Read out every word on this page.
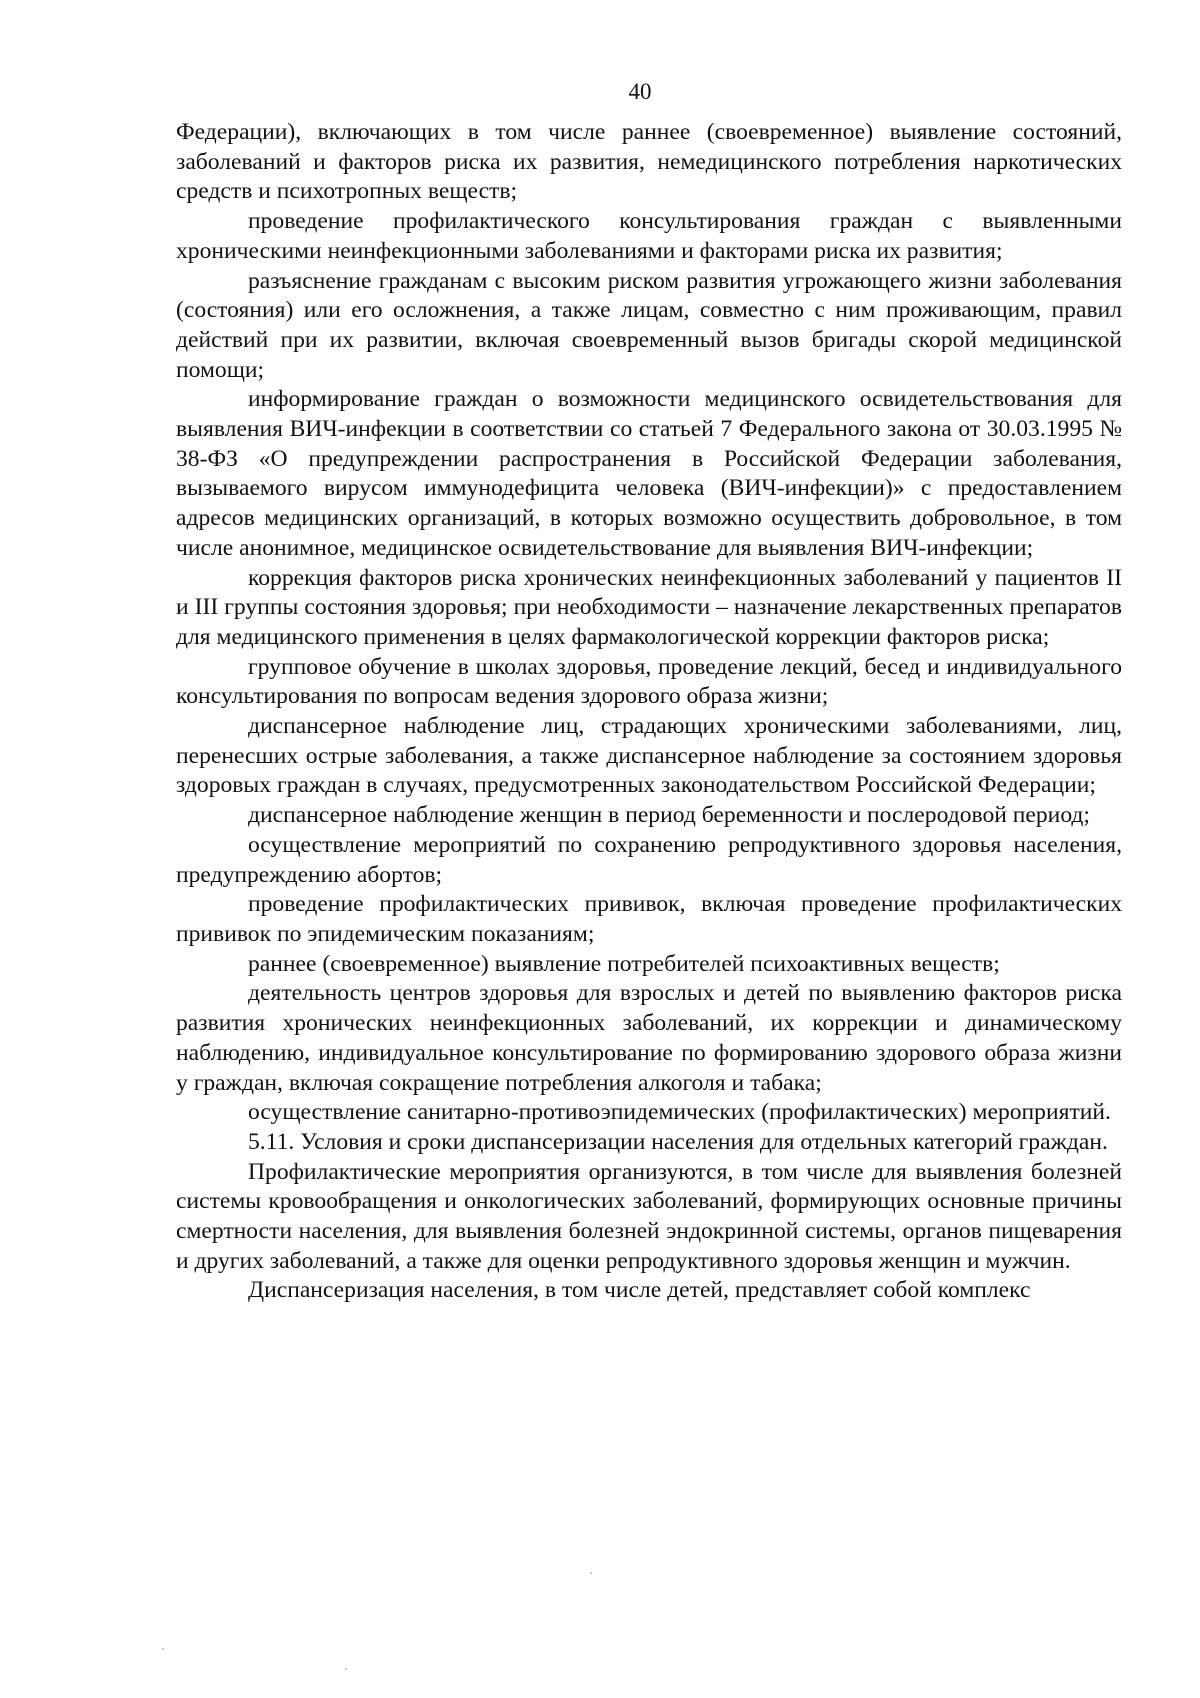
40

Федерации), включающих в том числе раннее (своевременное) выявление состояний, заболеваний и факторов риска их развития, немедицинского потребления наркотических средств и психотропных веществ;

проведение профилактического консультирования граждан с выявленными хроническими неинфекционными заболеваниями и факторами риска их развития;

разъяснение гражданам с высоким риском развития угрожающего жизни заболевания (состояния) или его осложнения, а также лицам, совместно с ним проживающим, правил действий при их развитии, включая своевременный вызов бригады скорой медицинской помощи;

информирование граждан о возможности медицинского освидетельствования для выявления ВИЧ-инфекции в соответствии со статьей 7 Федерального закона от 30.03.1995 № 38-ФЗ «О предупреждении распространения в Российской Федерации заболевания, вызываемого вирусом иммунодефицита человека (ВИЧ-инфекции)» с предоставлением адресов медицинских организаций, в которых возможно осуществить добровольное, в том числе анонимное, медицинское освидетельствование для выявления ВИЧ-инфекции;

коррекция факторов риска хронических неинфекционных заболеваний у пациентов II и III группы состояния здоровья; при необходимости – назначение лекарственных препаратов для медицинского применения в целях фармакологической коррекции факторов риска;

групповое обучение в школах здоровья, проведение лекций, бесед и индивидуального консультирования по вопросам ведения здорового образа жизни;

диспансерное наблюдение лиц, страдающих хроническими заболеваниями, лиц, перенесших острые заболевания, а также диспансерное наблюдение за состоянием здоровья здоровых граждан в случаях, предусмотренных законодательством Российской Федерации;

диспансерное наблюдение женщин в период беременности и послеродовой период;

осуществление мероприятий по сохранению репродуктивного здоровья населения, предупреждению абортов;

проведение профилактических прививок, включая проведение профилактических прививок по эпидемическим показаниям;

раннее (своевременное) выявление потребителей психоактивных веществ;

деятельность центров здоровья для взрослых и детей по выявлению факторов риска развития хронических неинфекционных заболеваний, их коррекции и динамическому наблюдению, индивидуальное консультирование по формированию здорового образа жизни у граждан, включая сокращение потребления алкоголя и табака;

осуществление санитарно-противоэпидемических (профилактических) мероприятий.

5.11. Условия и сроки диспансеризации населения для отдельных категорий граждан.

Профилактические мероприятия организуются, в том числе для выявления болезней системы кровообращения и онкологических заболеваний, формирующих основные причины смертности населения, для выявления болезней эндокринной системы, органов пищеварения и других заболеваний, а также для оценки репродуктивного здоровья женщин и мужчин.

Диспансеризация населения, в том числе детей, представляет собой комплекс
